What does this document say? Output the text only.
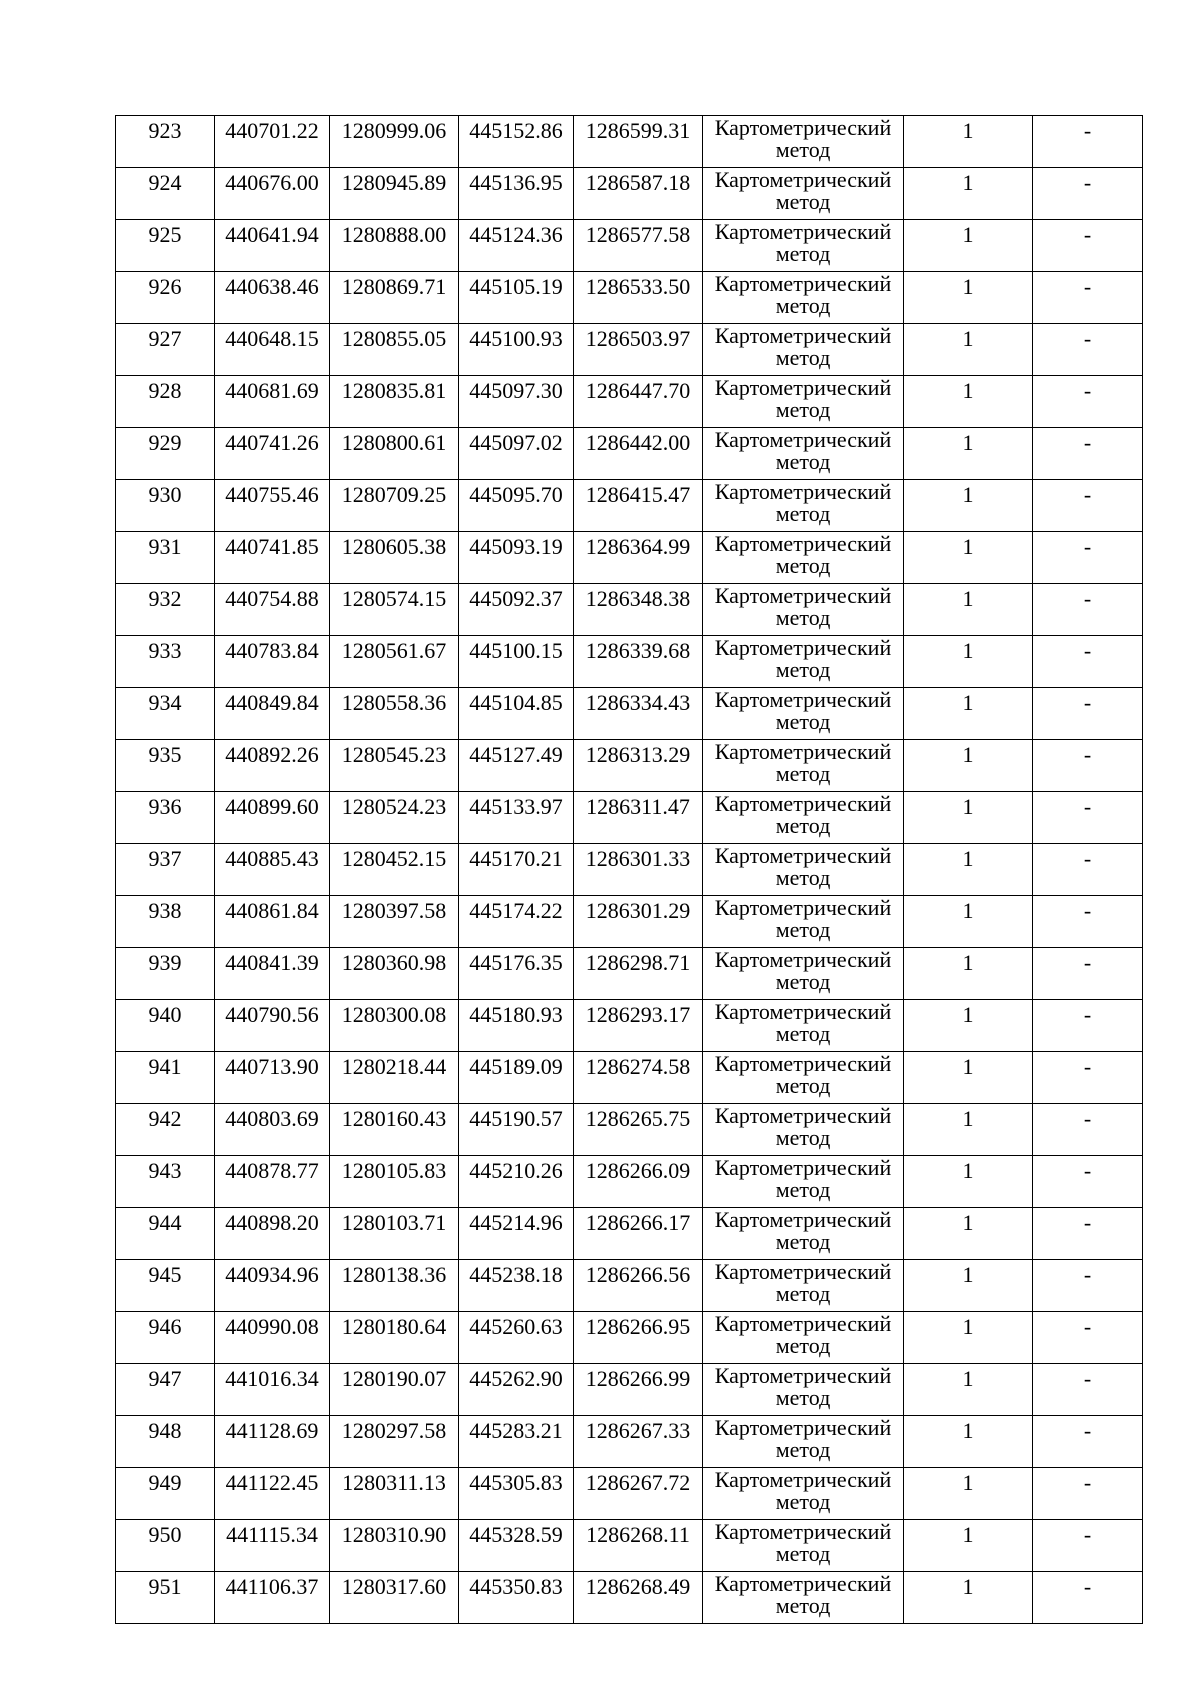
923	440701.22	1280999.06	445152.86	1286599.31	Картометрический
метод	1	-
924	440676.00	1280945.89	445136.95	1286587.18	Картометрический
метод	1	-
925	440641.94	1280888.00	445124.36	1286577.58	Картометрический
метод	1	-
926	440638.46	1280869.71	445105.19	1286533.50	Картометрический
метод	1	-
927	440648.15	1280855.05	445100.93	1286503.97	Картометрический
метод	1	-
928	440681.69	1280835.81	445097.30	1286447.70	Картометрический
метод	1	-
929	440741.26	1280800.61	445097.02	1286442.00	Картометрический
метод	1	-
930	440755.46	1280709.25	445095.70	1286415.47	Картометрический
метод	1	-
931	440741.85	1280605.38	445093.19	1286364.99	Картометрический
метод	1	-
932	440754.88	1280574.15	445092.37	1286348.38	Картометрический
метод	1	-
933	440783.84	1280561.67	445100.15	1286339.68	Картометрический
метод	1	-
934	440849.84	1280558.36	445104.85	1286334.43	Картометрический
метод	1	-
935	440892.26	1280545.23	445127.49	1286313.29	Картометрический
метод	1	-
936	440899.60	1280524.23	445133.97	1286311.47	Картометрический
метод	1	-
937	440885.43	1280452.15	445170.21	1286301.33	Картометрический
метод	1	-
938	440861.84	1280397.58	445174.22	1286301.29	Картометрический
метод	1	-
939	440841.39	1280360.98	445176.35	1286298.71	Картометрический
метод	1	-
940	440790.56	1280300.08	445180.93	1286293.17	Картометрический
метод	1	-
941	440713.90	1280218.44	445189.09	1286274.58	Картометрический
метод	1	-
942	440803.69	1280160.43	445190.57	1286265.75	Картометрический
метод	1	-
943	440878.77	1280105.83	445210.26	1286266.09	Картометрический
метод	1	-
944	440898.20	1280103.71	445214.96	1286266.17	Картометрический
метод	1	-
945	440934.96	1280138.36	445238.18	1286266.56	Картометрический
метод	1	-
946	440990.08	1280180.64	445260.63	1286266.95	Картометрический
метод	1	-
947	441016.34	1280190.07	445262.90	1286266.99	Картометрический
метод	1	-
948	441128.69	1280297.58	445283.21	1286267.33	Картометрический
метод	1	-
949	441122.45	1280311.13	445305.83	1286267.72	Картометрический
метод	1	-
950	441115.34	1280310.90	445328.59	1286268.11	Картометрический
метод	1	-
951	441106.37	1280317.60	445350.83	1286268.49	Картометрический
метод	1	-
